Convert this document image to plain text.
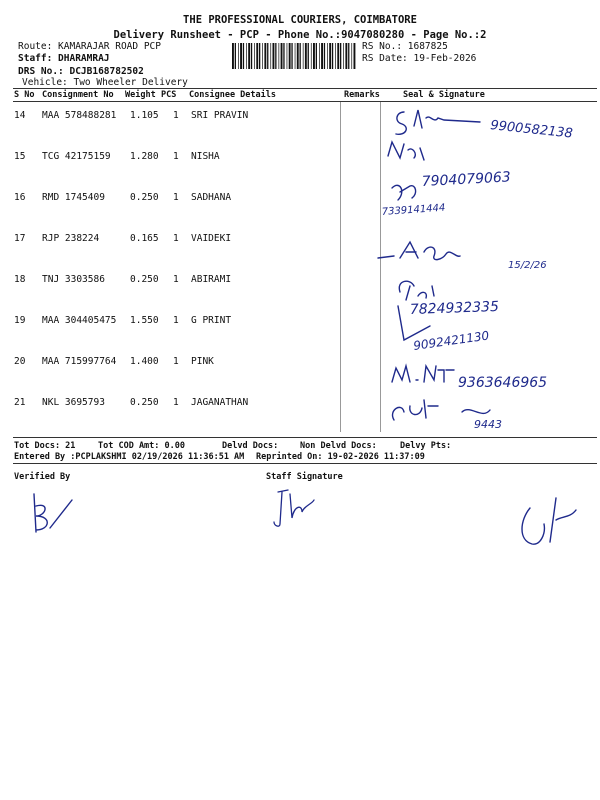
THE PROFESSIONAL COURIERS, COIMBATORE
Delivery Runsheet - PCP - Phone No.:9047080280 - Page No.:2
Route: KAMARAJAR ROAD PCP
Staff: DHARAMRAJ
DRS No.: DCJB168782502
Vehicle: Two Wheeler Delivery
RS No.: 1687825
RS Date: 19-Feb-2026
S No Consignment No Weight PCS Consignee Details	Remarks	Seal & Signature
14 MAA 578488281 1.105 1 SRI PRAVIN
15 TCG 42175159 1.280 1 NISHA
16 RMD 1745409	0.250 1 SADHANA
17 RJP 238224	0.165 1 VAIDEKI
18 TNJ 3303586	0.250 1 ABIRAMI
19 MAA 304405475 1.550 1 G PRINT
20 MAA 715997764 1.400 1 PINK
21 NKL 3695793	0.250 1 JAGANATHAN
9900582138
7904079063
7339141444
15/2/26
7824932335
9092421130
9363646965
9443
Tot Docs: 21	Tot COD Amt: 0.00	Delvd Docs:	Non Delvd Docs:	Delvy Pts:
Entered By :PCPLAKSHMI 02/19/2026 11:36:51 AM Reprinted On: 19-02-2026 11:37:09
Verified By	Staff Signature
